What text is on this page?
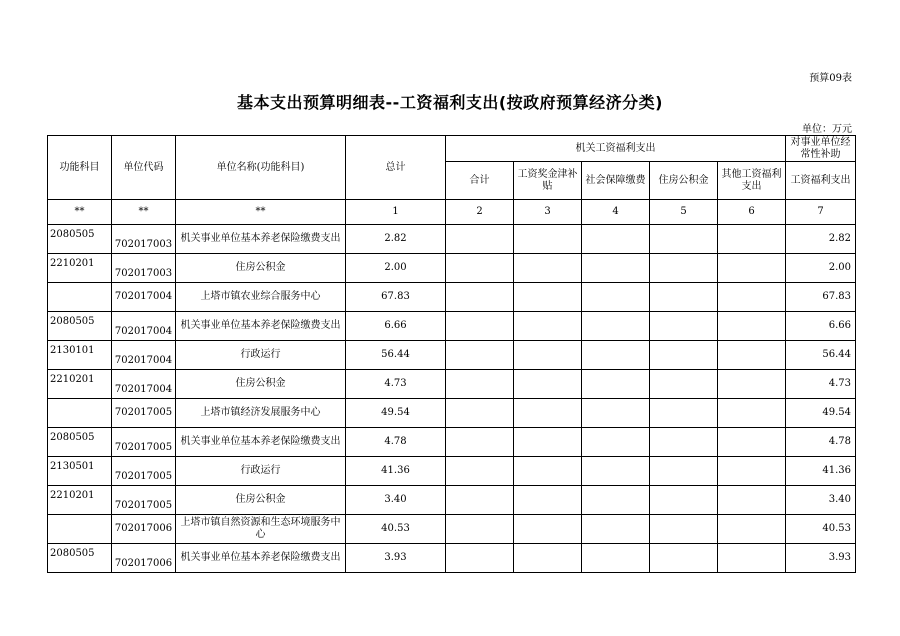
预算09表
基本支出预算明细表--工资福利支出(按政府预算经济分类)
单位：万元
功能科目	单位代码	单位名称(功能科目)	总计	机关工资福利支出					对事业单位经常性补助
				合计	工资奖金津补贴	社会保障缴费	住房公积金	其他工资福利支出	工资福利支出
**	**	**	1	2	3	4	5	6	7
2080505	702017003	机关事业单位基本养老保险缴费支出	2.82						2.82
2210201	702017003	住房公积金	2.00						2.00
	702017004	上塔市镇农业综合服务中心	67.83						67.83
2080505	702017004	机关事业单位基本养老保险缴费支出	6.66						6.66
2130101	702017004	行政运行	56.44						56.44
2210201	702017004	住房公积金	4.73						4.73
	702017005	上塔市镇经济发展服务中心	49.54						49.54
2080505	702017005	机关事业单位基本养老保险缴费支出	4.78						4.78
2130501	702017005	行政运行	41.36						41.36
2210201	702017005	住房公积金	3.40						3.40
	702017006	上塔市镇自然资源和生态环境服务中心	40.53						40.53
2080505	702017006	机关事业单位基本养老保险缴费支出	3.93						3.93
